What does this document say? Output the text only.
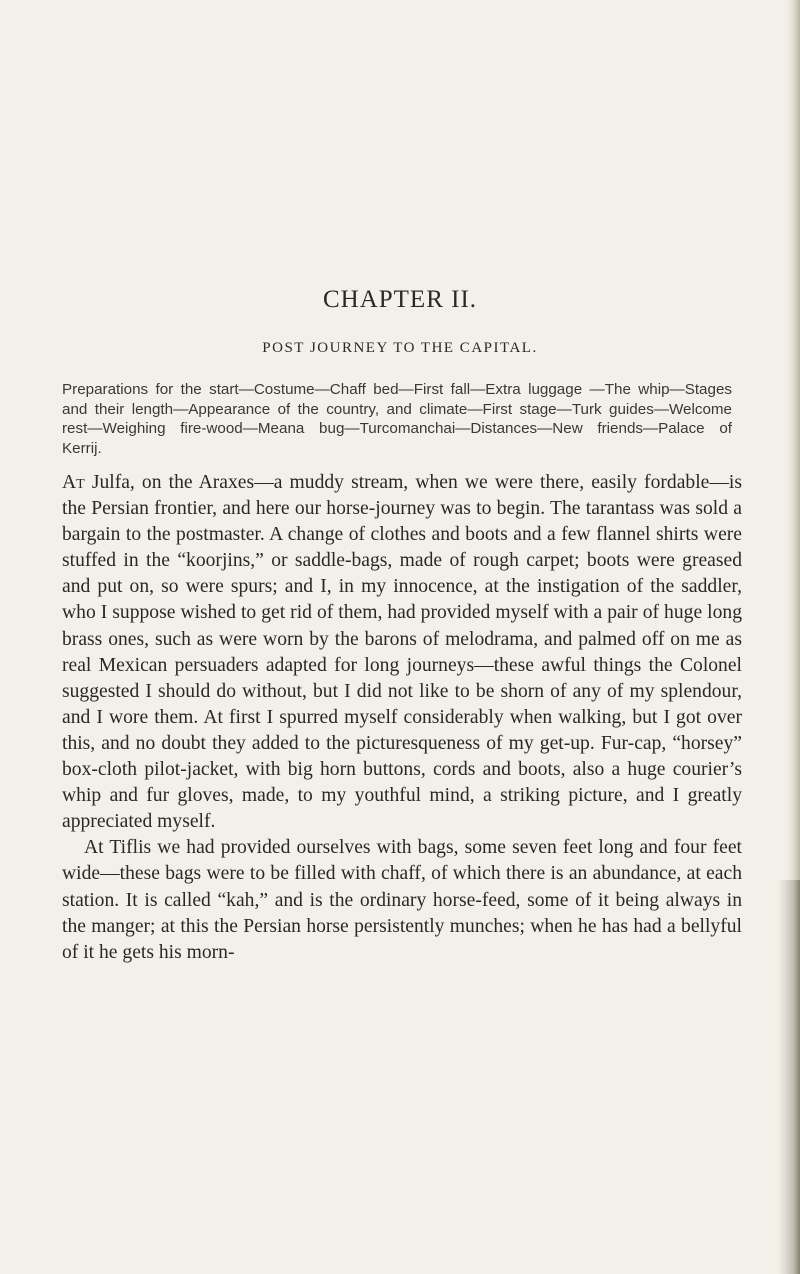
CHAPTER II.
POST JOURNEY TO THE CAPITAL.

Preparations for the start—Costume—Chaff bed—First fall—Extra luggage —The whip—Stages and their length—Appearance of the country, and climate—First stage—Turk guides—Welcome rest—Weighing fire-wood—Meana bug—Turcomanchai—Distances—New friends—Palace of Kerrij.

At Julfa, on the Araxes—a muddy stream, when we were there, easily fordable—is the Persian frontier, and here our horse-journey was to begin. The tarantass was sold a bargain to the postmaster. A change of clothes and boots and a few flannel shirts were stuffed in the “koorjins,” or saddle-bags, made of rough carpet; boots were greased and put on, so were spurs; and I, in my innocence, at the instigation of the saddler, who I suppose wished to get rid of them, had provided myself with a pair of huge long brass ones, such as were worn by the barons of melodrama, and palmed off on me as real Mexican persuaders adapted for long journeys—these awful things the Colonel suggested I should do without, but I did not like to be shorn of any of my splendour, and I wore them. At first I spurred myself considerably when walking, but I got over this, and no doubt they added to the picturesqueness of my get-up. Fur-cap, “horsey” box-cloth pilot-jacket, with big horn buttons, cords and boots, also a huge courier’s whip and fur gloves, made, to my youthful mind, a striking picture, and I greatly appreciated myself.

At Tiflis we had provided ourselves with bags, some seven feet long and four feet wide—these bags were to be filled with chaff, of which there is an abundance, at each station. It is called “kah,” and is the ordinary horse-feed, some of it being always in the manger; at this the Persian horse persistently munches; when he has had a bellyful of it he gets his morn-
